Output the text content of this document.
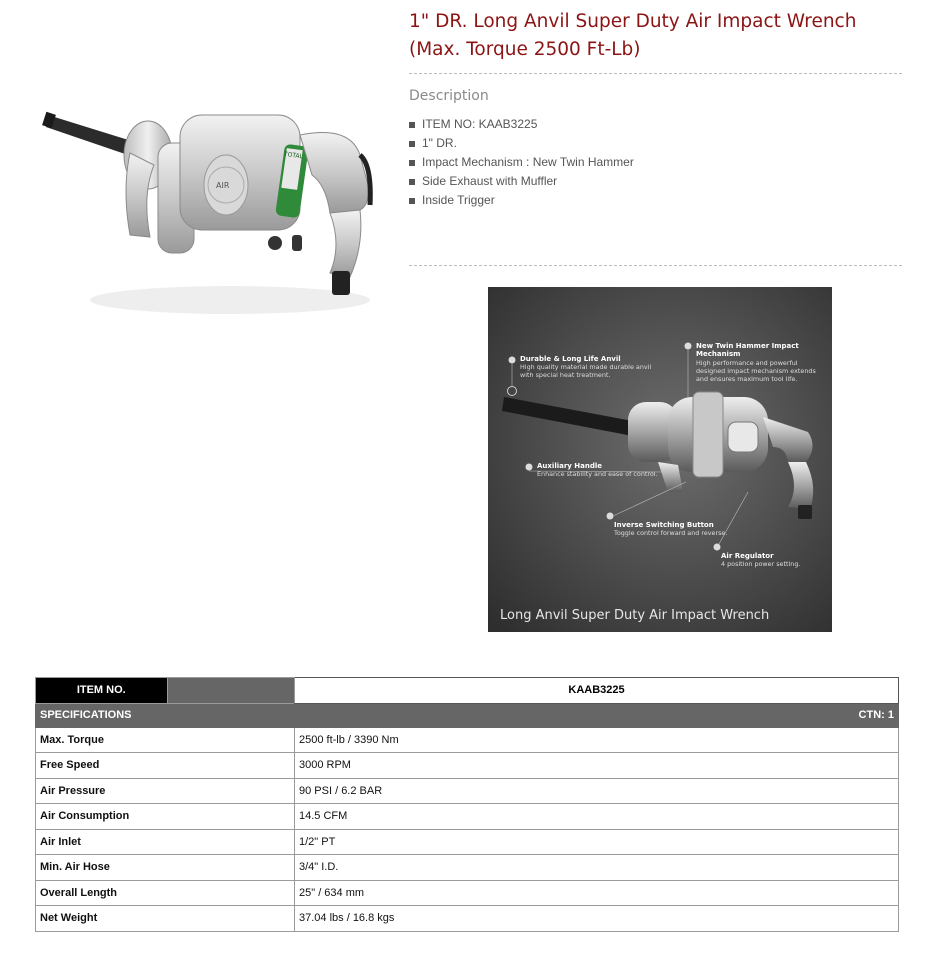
AIR
TOTAL
1" DR. Long Anvil Super Duty Air Impact Wrench (Max. Torque 2500 Ft-Lb)
Description
ITEM NO: KAAB3225
1" DR.
Impact Mechanism : New Twin Hammer
Side Exhaust with Muffler
Inside Trigger
Durable & Long Life Anvil
High quality material made durable anvil
with special heat treatment.
New Twin Hammer Impact
Mechanism
High performance and powerful
designed impact mechanism extends
and ensures maximum tool life.
Auxiliary Handle
Enhance stability and ease of control.
Inverse Switching Button
Toggle control forward and reverse.
Air Regulator
4 position power setting.
Long Anvil Super Duty Air Impact Wrench
ITEM NO.		KAAB3225
SPECIFICATIONS		CTN: 1
Max. Torque		2500 ft-lb / 3390 Nm
Free Speed		3000 RPM
Air Pressure		90 PSI / 6.2 BAR
Air Consumption		14.5 CFM
Air Inlet		1/2" PT
Min. Air Hose		3/4" I.D.
Overall Length		25" / 634 mm
Net Weight		37.04 lbs / 16.8 kgs
